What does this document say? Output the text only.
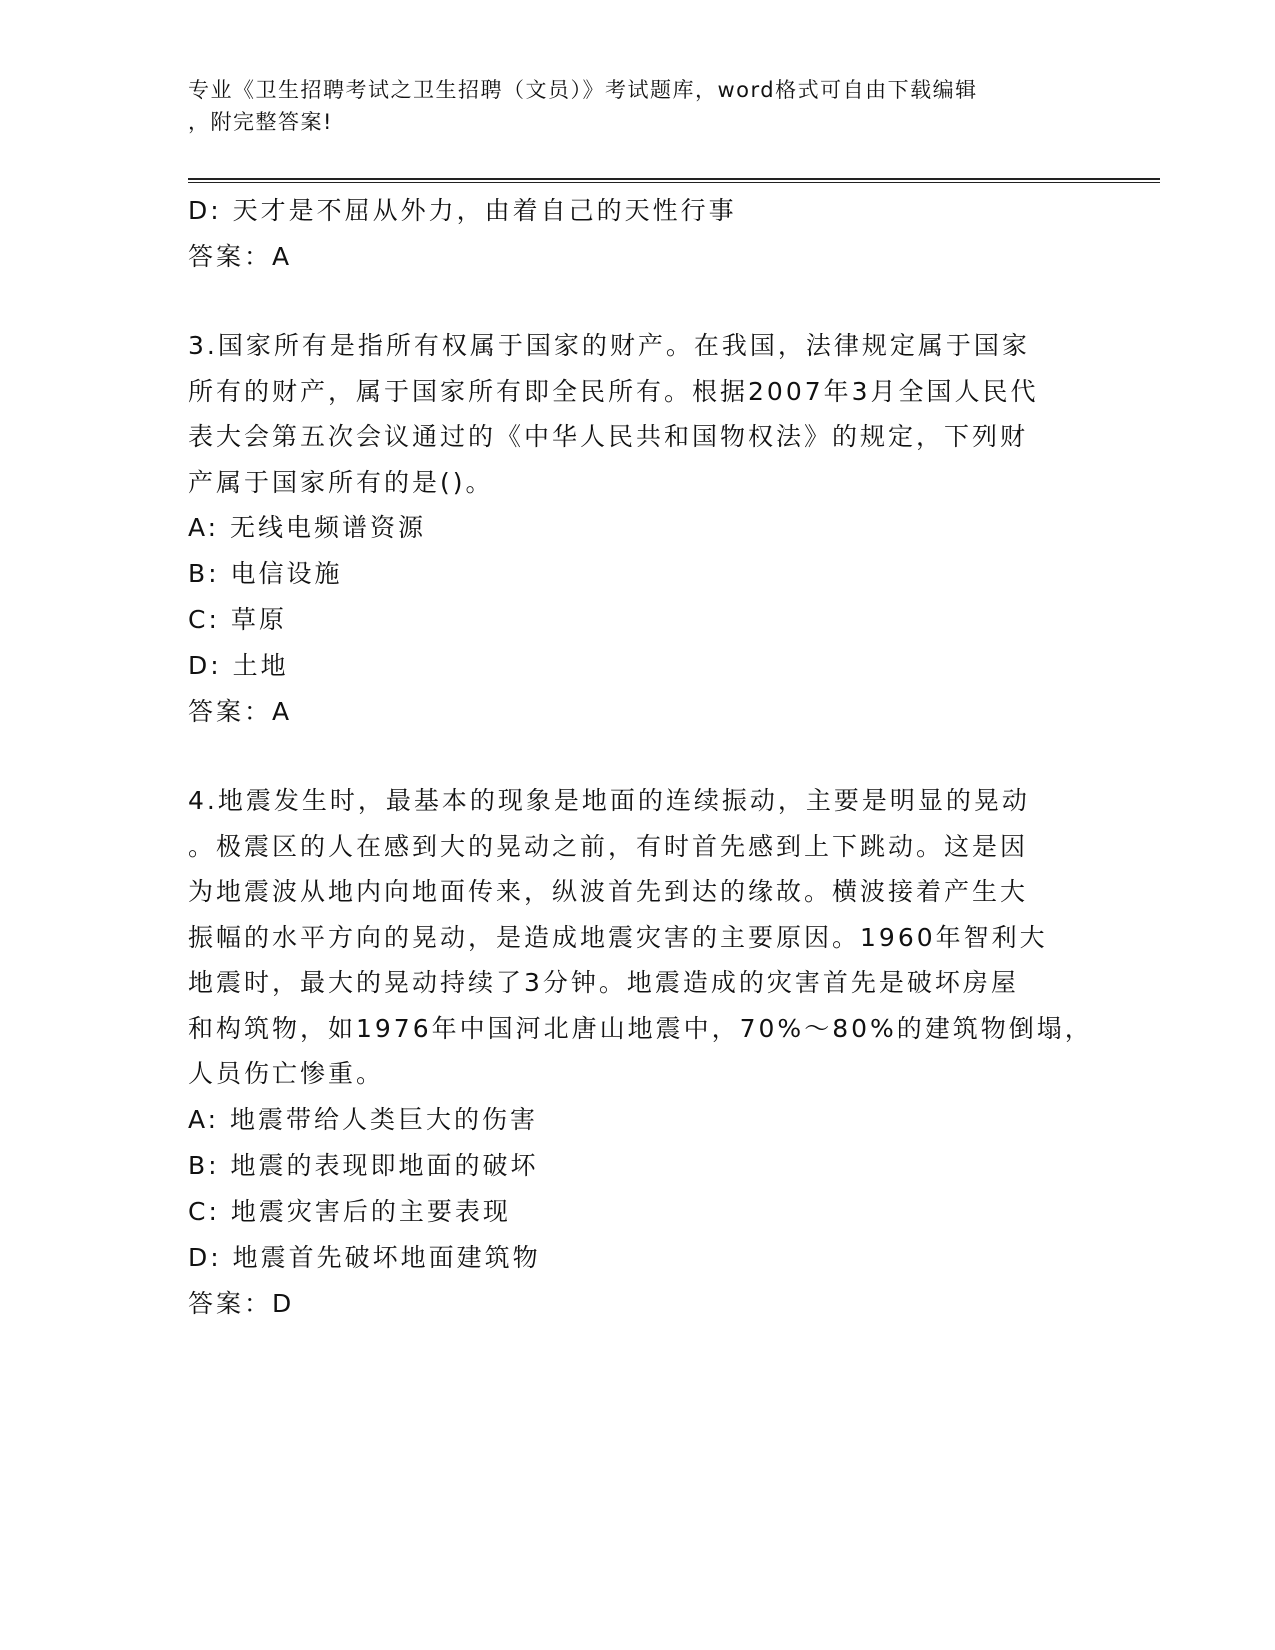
专业《卫生招聘考试之卫生招聘（文员）》考试题库，word格式可自由下载编辑
，附完整答案!
D: 天才是不屈从外力，由着自己的天性行事
答案：A
3.国家所有是指所有权属于国家的财产。在我国，法律规定属于国家
所有的财产，属于国家所有即全民所有。根据2007年3月全国人民代
表大会第五次会议通过的《中华人民共和国物权法》的规定，下列财
产属于国家所有的是()。
A: 无线电频谱资源
B: 电信设施
C: 草原
D: 土地
答案：A
4.地震发生时，最基本的现象是地面的连续振动，主要是明显的晃动
。极震区的人在感到大的晃动之前，有时首先感到上下跳动。这是因
为地震波从地内向地面传来，纵波首先到达的缘故。横波接着产生大
振幅的水平方向的晃动，是造成地震灾害的主要原因。1960年智利大
地震时，最大的晃动持续了3分钟。地震造成的灾害首先是破坏房屋
和构筑物，如1976年中国河北唐山地震中，70%～80%的建筑物倒塌，
人员伤亡惨重。
A: 地震带给人类巨大的伤害
B: 地震的表现即地面的破坏
C: 地震灾害后的主要表现
D: 地震首先破坏地面建筑物
答案：D
